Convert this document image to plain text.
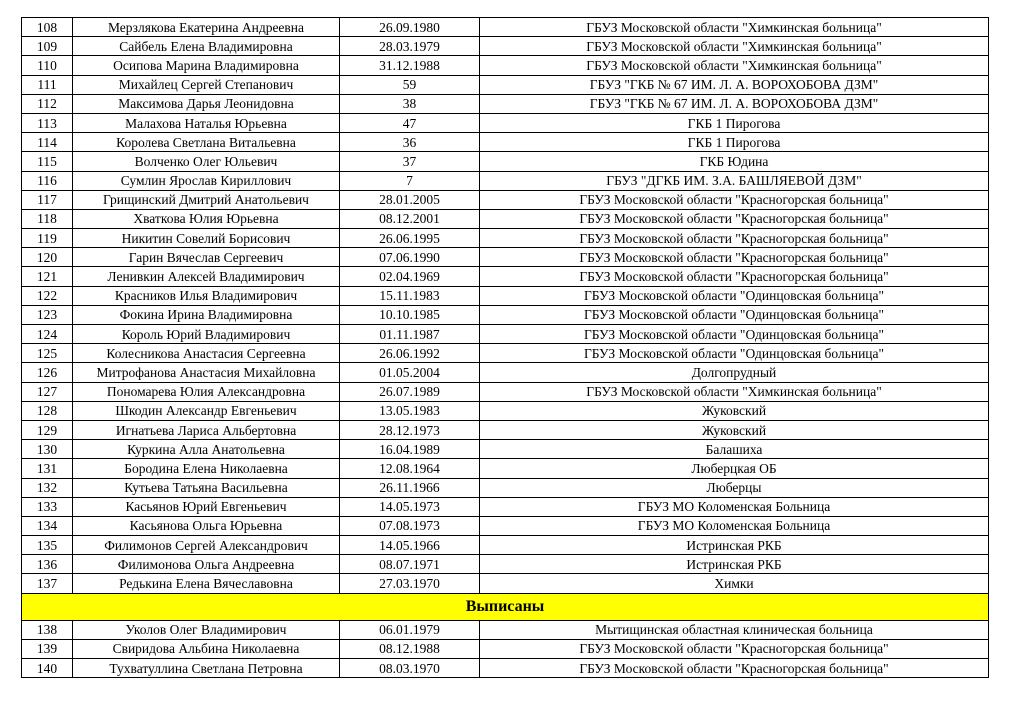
108	Мерзлякова Екатерина Андреевна	26.09.1980	ГБУЗ Московской области "Химкинская больница"
109	Сайбель Елена Владимировна	28.03.1979	ГБУЗ Московской области "Химкинская больница"
110	Осипова Марина Владимировна	31.12.1988	ГБУЗ Московской области "Химкинская больница"
111	Михайлец Сергей Степанович	59	ГБУЗ "ГКБ № 67 ИМ. Л. А. ВОРОХОБОВА ДЗМ"
112	Максимова Дарья Леонидовна	38	ГБУЗ "ГКБ № 67 ИМ. Л. А. ВОРОХОБОВА ДЗМ"
113	Малахова Наталья Юрьевна	47	ГКБ 1 Пирогова
114	Королева Светлана Витальевна	36	ГКБ 1 Пирогова
115	Волченко Олег Юльевич	37	ГКБ Юдина
116	Сумлин Ярослав Кириллович	7	ГБУЗ "ДГКБ ИМ. З.А. БАШЛЯЕВОЙ ДЗМ"
117	Грищинский Дмитрий Анатольевич	28.01.2005	ГБУЗ Московской области "Красногорская больница"
118	Хваткова Юлия Юрьевна	08.12.2001	ГБУЗ Московской области "Красногорская больница"
119	Никитин Совелий Борисович	26.06.1995	ГБУЗ Московской области "Красногорская больница"
120	Гарин Вячеслав Сергеевич	07.06.1990	ГБУЗ Московской области "Красногорская больница"
121	Ленивкин Алексей Владимирович	02.04.1969	ГБУЗ Московской области "Красногорская больница"
122	Красников Илья Владимирович	15.11.1983	ГБУЗ Московской области "Одинцовская больница"
123	Фокина Ирина Владимировна	10.10.1985	ГБУЗ Московской области "Одинцовская больница"
124	Король Юрий Владимирович	01.11.1987	ГБУЗ Московской области "Одинцовская больница"
125	Колесникова Анастасия Сергеевна	26.06.1992	ГБУЗ Московской области "Одинцовская больница"
126	Митрофанова Анастасия Михайловна	01.05.2004	Долгопрудный
127	Пономарева Юлия Александровна	26.07.1989	ГБУЗ Московской области "Химкинская больница"
128	Шкодин Александр Евгеньевич	13.05.1983	Жуковский
129	Игнатьева Лариса Альбертовна	28.12.1973	Жуковский
130	Куркина Алла Анатольевна	16.04.1989	Балашиха
131	Бородина Елена Николаевна	12.08.1964	Люберцкая ОБ
132	Кутьева Татьяна Васильевна	26.11.1966	Люберцы
133	Касьянов Юрий Евгеньевич	14.05.1973	ГБУЗ МО Коломенская Больница
134	Касьянова Ольга Юрьевна	07.08.1973	ГБУЗ МО Коломенская Больница
135	Филимонов Сергей Александрович	14.05.1966	Истринская РКБ
136	Филимонова Ольга Андреевна	08.07.1971	Истринская РКБ
137	Редькина Елена Вячеславовна	27.03.1970	Химки
Выписаны			
138	Уколов Олег Владимирович	06.01.1979	Мытищинская областная клиническая больница
139	Свиридова Альбина Николаевна	08.12.1988	ГБУЗ Московской области "Красногорская больница"
140	Тухватуллина Светлана Петровна	08.03.1970	ГБУЗ Московской области "Красногорская больница"
